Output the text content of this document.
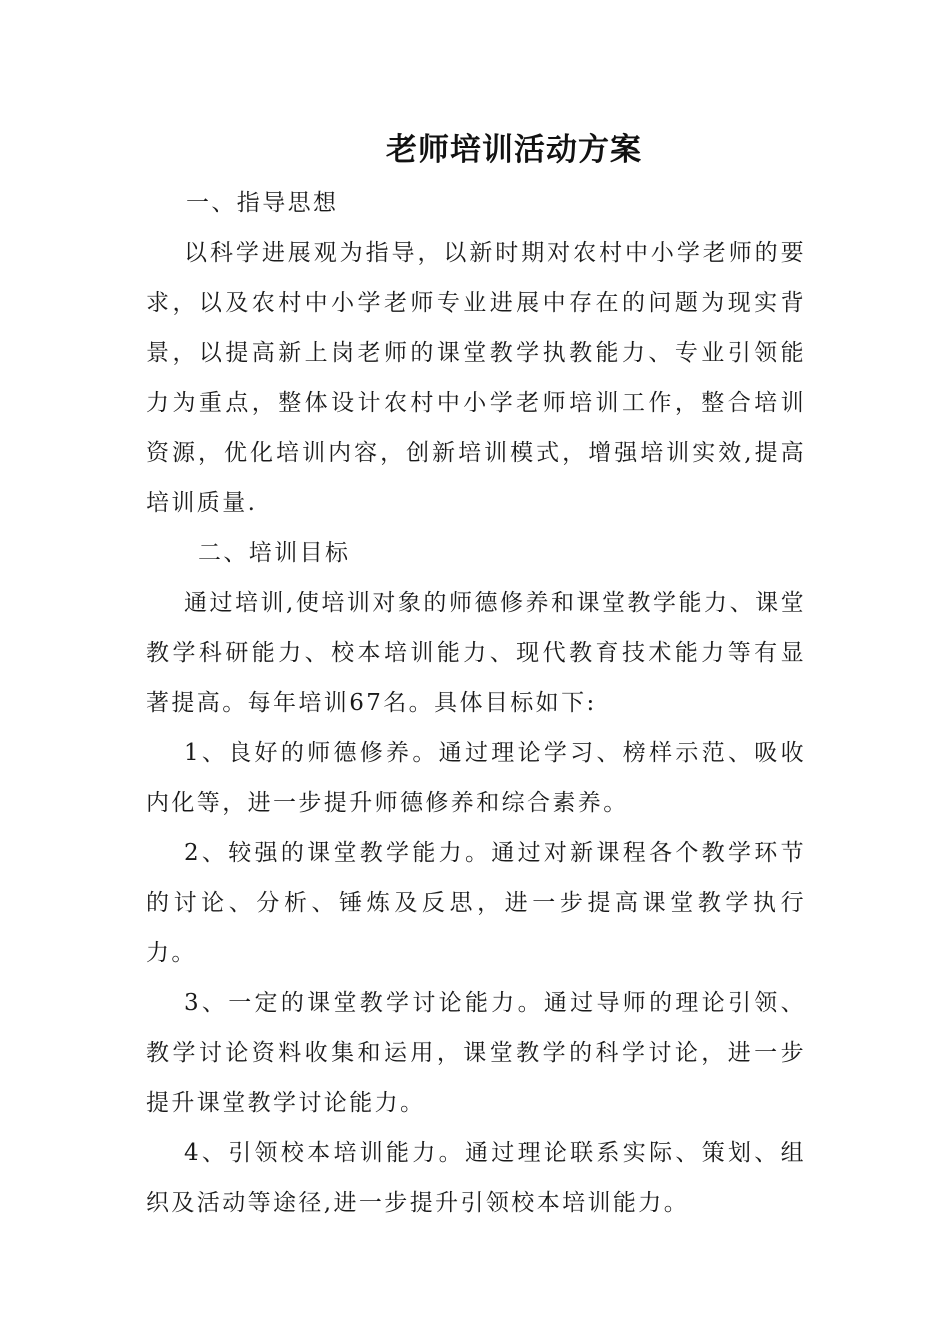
老师培训活动方案

一、指导思想

以科学进展观为指导，以新时期对农村中小学老师的要求，以及农村中小学老师专业进展中存在的问题为现实背景，以提高新上岗老师的课堂教学执教能力、专业引领能力为重点，整体设计农村中小学老师培训工作，整合培训资源，优化培训内容，创新培训模式，增强培训实效,提高培训质量.

二、培训目标

通过培训,使培训对象的师德修养和课堂教学能力、课堂教学科研能力、校本培训能力、现代教育技术能力等有显著提高。每年培训67名。具体目标如下:

1、良好的师德修养。通过理论学习、榜样示范、吸收内化等，进一步提升师德修养和综合素养。

2、较强的课堂教学能力。通过对新课程各个教学环节的讨论、分析、锤炼及反思，进一步提高课堂教学执行力。

3、一定的课堂教学讨论能力。通过导师的理论引领、教学讨论资料收集和运用，课堂教学的科学讨论，进一步提升课堂教学讨论能力。

4、引领校本培训能力。通过理论联系实际、策划、组织及活动等途径,进一步提升引领校本培训能力。
